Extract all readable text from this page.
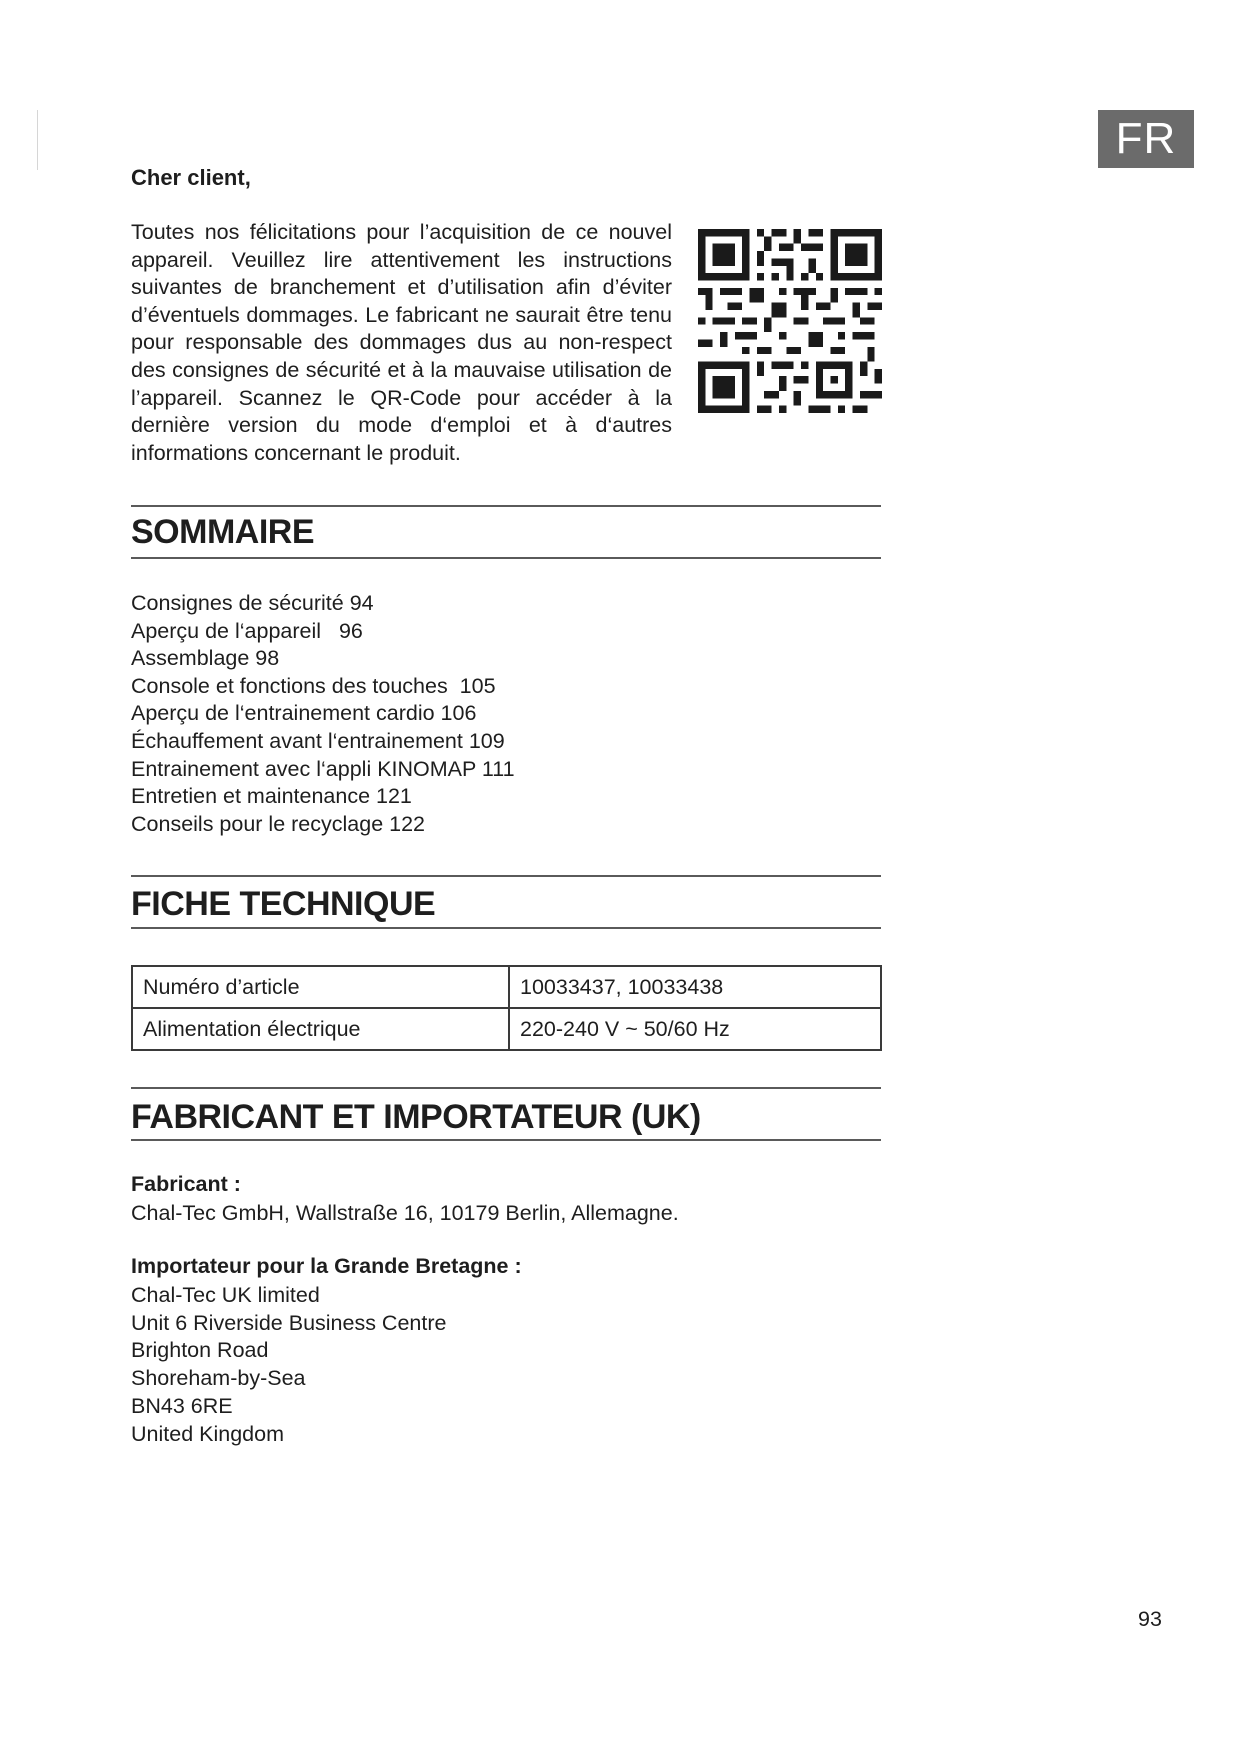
FR
Cher client,

Toutes nos félicitations pour l’acquisition de ce nouvel appareil. Veuillez lire attentivement les instructions suivantes de branchement et d’utilisation afin d’éviter d’éventuels dommages. Le fabricant ne saurait être tenu pour responsable des dommages dus au non-respect des consignes de sécurité et à la mauvaise utilisation de l’appareil. Scannez le QR-Code pour accéder à la dernière version du mode d‘emploi et à d‘autres informations concernant le produit.

SOMMAIRE
Consignes de sécurité 94
Aperçu de l‘appareil   96
Assemblage 98
Console et fonctions des touches  105
Aperçu de l‘entrainement cardio 106
Échauffement avant l‘entrainement 109
Entrainement avec l‘appli KINOMAP 111
Entretien et maintenance 121
Conseils pour le recyclage 122
FICHE TECHNIQUE
Numéro d’article	10033437, 10033438
Alimentation électrique	220-240 V ~ 50/60 Hz
FABRICANT ET IMPORTATEUR (UK)
Fabricant :
Chal-Tec GmbH, Wallstraße 16, 10179 Berlin, Allemagne.
Importateur pour la Grande Bretagne :
Chal-Tec UK limited
Unit 6 Riverside Business Centre
Brighton Road
Shoreham-by-Sea
BN43 6RE
United Kingdom
93
